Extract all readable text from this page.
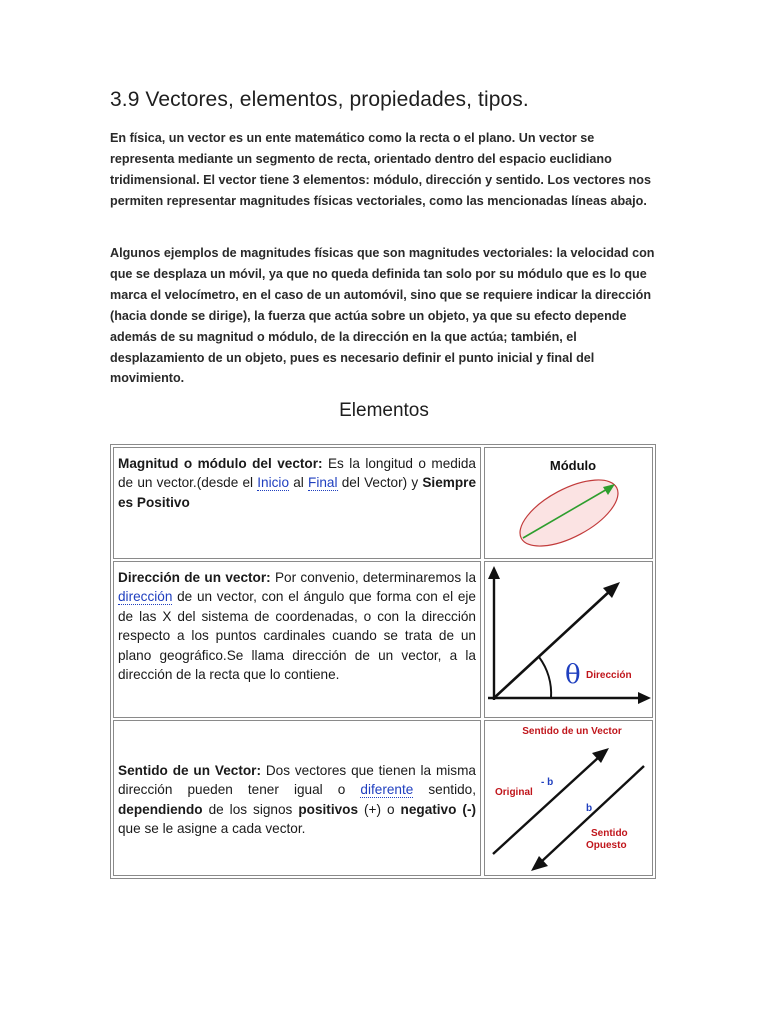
3.9 Vectores, elementos, propiedades, tipos.

En física, un vector es un ente matemático como la recta o el plano. Un vector se representa mediante un segmento de recta, orientado dentro del espacio euclidiano tridimensional. El vector tiene 3 elementos: módulo, dirección y sentido. Los vectores nos permiten representar magnitudes físicas vectoriales, como las mencionadas líneas abajo.

Algunos ejemplos de magnitudes físicas que son magnitudes vectoriales: la velocidad con que se desplaza un móvil, ya que no queda definida tan solo por su módulo que es lo que marca el velocímetro, en el caso de un automóvil, sino que se requiere indicar la dirección (hacia donde se dirige), la fuerza que actúa sobre un objeto, ya que su efecto depende además de su magnitud o módulo, de la dirección en la que actúa; también, el desplazamiento de un objeto, pues es necesario definir el punto inicial y final del movimiento.

Elementos

Magnitud o módulo del vector: Es la longitud o medida de un vector.(desde el Inicio al Final del Vector) y Siempre es Positivo

Módulo

Dirección de un vector: Por convenio, determinaremos la dirección de un vector, con el ángulo que forma con el eje de las X del sistema de coordenadas, o con la dirección respecto a los puntos cardinales cuando se trata de un plano geográfico.Se llama dirección de un vector, a la dirección de la recta que lo contiene.	θ Dirección

Sentido de un Vector: Dos vectores que tienen la misma dirección pueden tener igual o diferente sentido, dependiendo de los signos positivos (+) o negativo (-) que se le asigne a cada vector.

Sentido de un Vector
Original
- b
b
Sentido
Opuesto
